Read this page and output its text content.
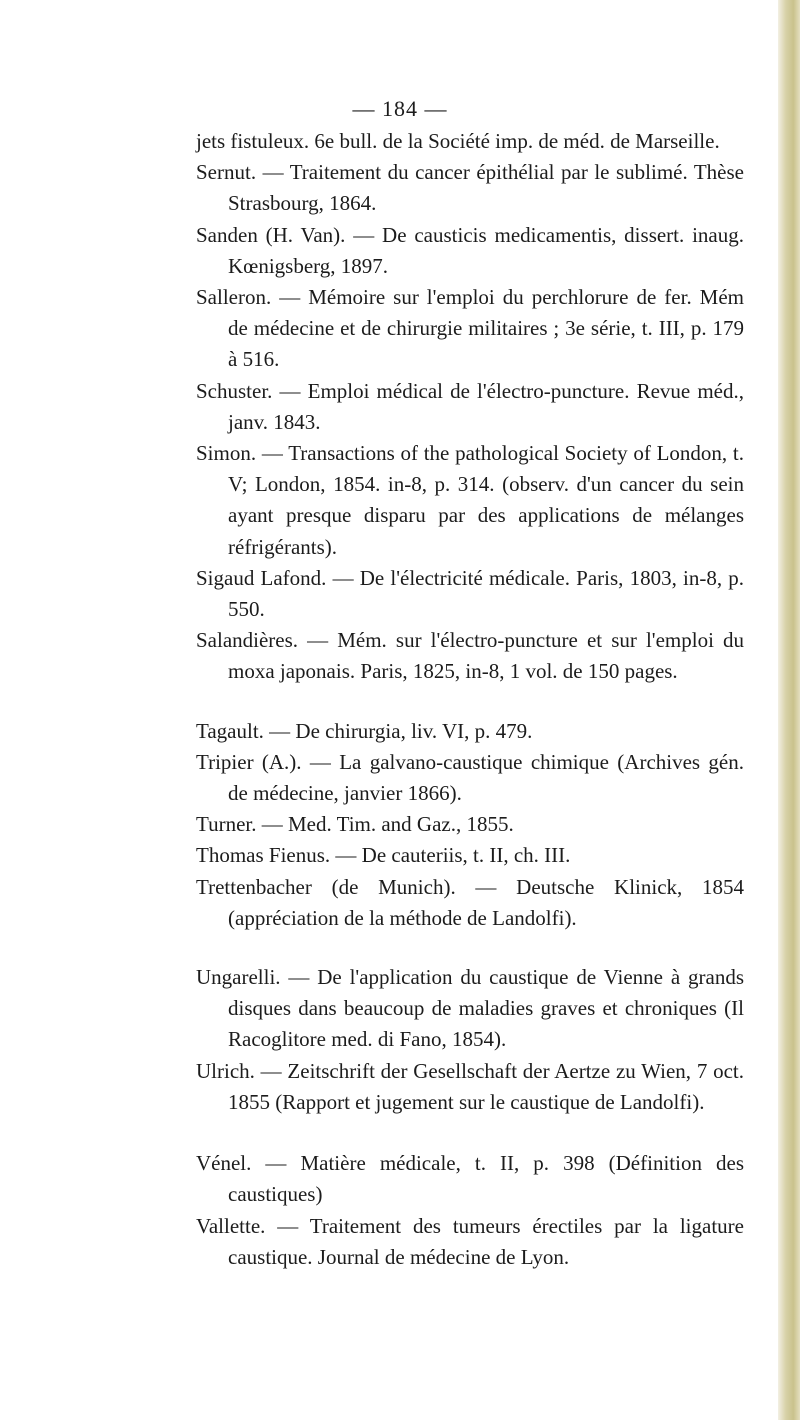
— 184 —
jets fistuleux. 6e bull. de la Société imp. de méd. de Marseille.
Sernut. — Traitement du cancer épithélial par le sublimé. Thèse Strasbourg, 1864.
Sanden (H. Van). — De causticis medicamentis, dissert. inaug. Kœnigsberg, 1897.
Salleron. — Mémoire sur l'emploi du perchlorure de fer. Mém de médecine et de chirurgie militaires ; 3e série, t. III, p. 179 à 516.
Schuster. — Emploi médical de l'électro-puncture. Revue méd., janv. 1843.
Simon. — Transactions of the pathological Society of London, t. V; London, 1854. in-8, p. 314. (observ. d'un cancer du sein ayant presque disparu par des applications de mélanges réfrigérants).
Sigaud Lafond. — De l'électricité médicale. Paris, 1803, in-8, p. 550.
Salandières. — Mém. sur l'électro-puncture et sur l'emploi du moxa japonais. Paris, 1825, in-8, 1 vol. de 150 pages.
Tagault. — De chirurgia, liv. VI, p. 479.
Tripier (A.). — La galvano-caustique chimique (Archives gén. de médecine, janvier 1866).
Turner. — Med. Tim. and Gaz., 1855.
Thomas Fienus. — De cauteriis, t. II, ch. III.
Trettenbacher (de Munich). — Deutsche Klinick, 1854 (appréciation de la méthode de Landolfi).
Ungarelli. — De l'application du caustique de Vienne à grands disques dans beaucoup de maladies graves et chroniques (Il Racoglitore med. di Fano, 1854).
Ulrich. — Zeitschrift der Gesellschaft der Aertze zu Wien, 7 oct. 1855 (Rapport et jugement sur le caustique de Landolfi).
Vénel. — Matière médicale, t. II, p. 398 (Définition des caustiques)
Vallette. — Traitement des tumeurs érectiles par la ligature caustique. Journal de médecine de Lyon.
